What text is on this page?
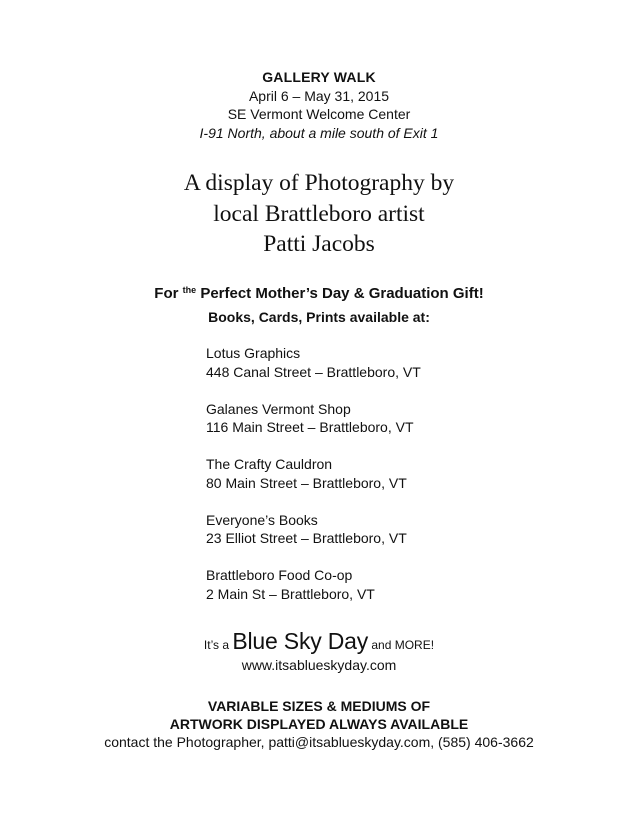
GALLERY WALK
April 6 – May 31, 2015
SE Vermont Welcome Center
I-91 North, about a mile south of Exit 1
A display of Photography by
local Brattleboro artist
Patti Jacobs
For $^{the}$ Perfect Mother’s Day & Graduation Gift!
Books, Cards, Prints available at:
Lotus Graphics
448 Canal Street – Brattleboro, VT
Galanes Vermont Shop
116 Main Street – Brattleboro, VT
The Crafty Cauldron
80 Main Street – Brattleboro, VT
Everyone’s Books
23 Elliot Street – Brattleboro, VT
Brattleboro Food Co-op
2 Main St – Brattleboro, VT
It’s a Blue Sky Day and MORE!
www.itsablueskyday.com
VARIABLE SIZES & MEDIUMS OF
ARTWORK DISPLAYED ALWAYS AVAILABLE
contact the Photographer, patti@itsablueskyday.com, (585) 406-3662
